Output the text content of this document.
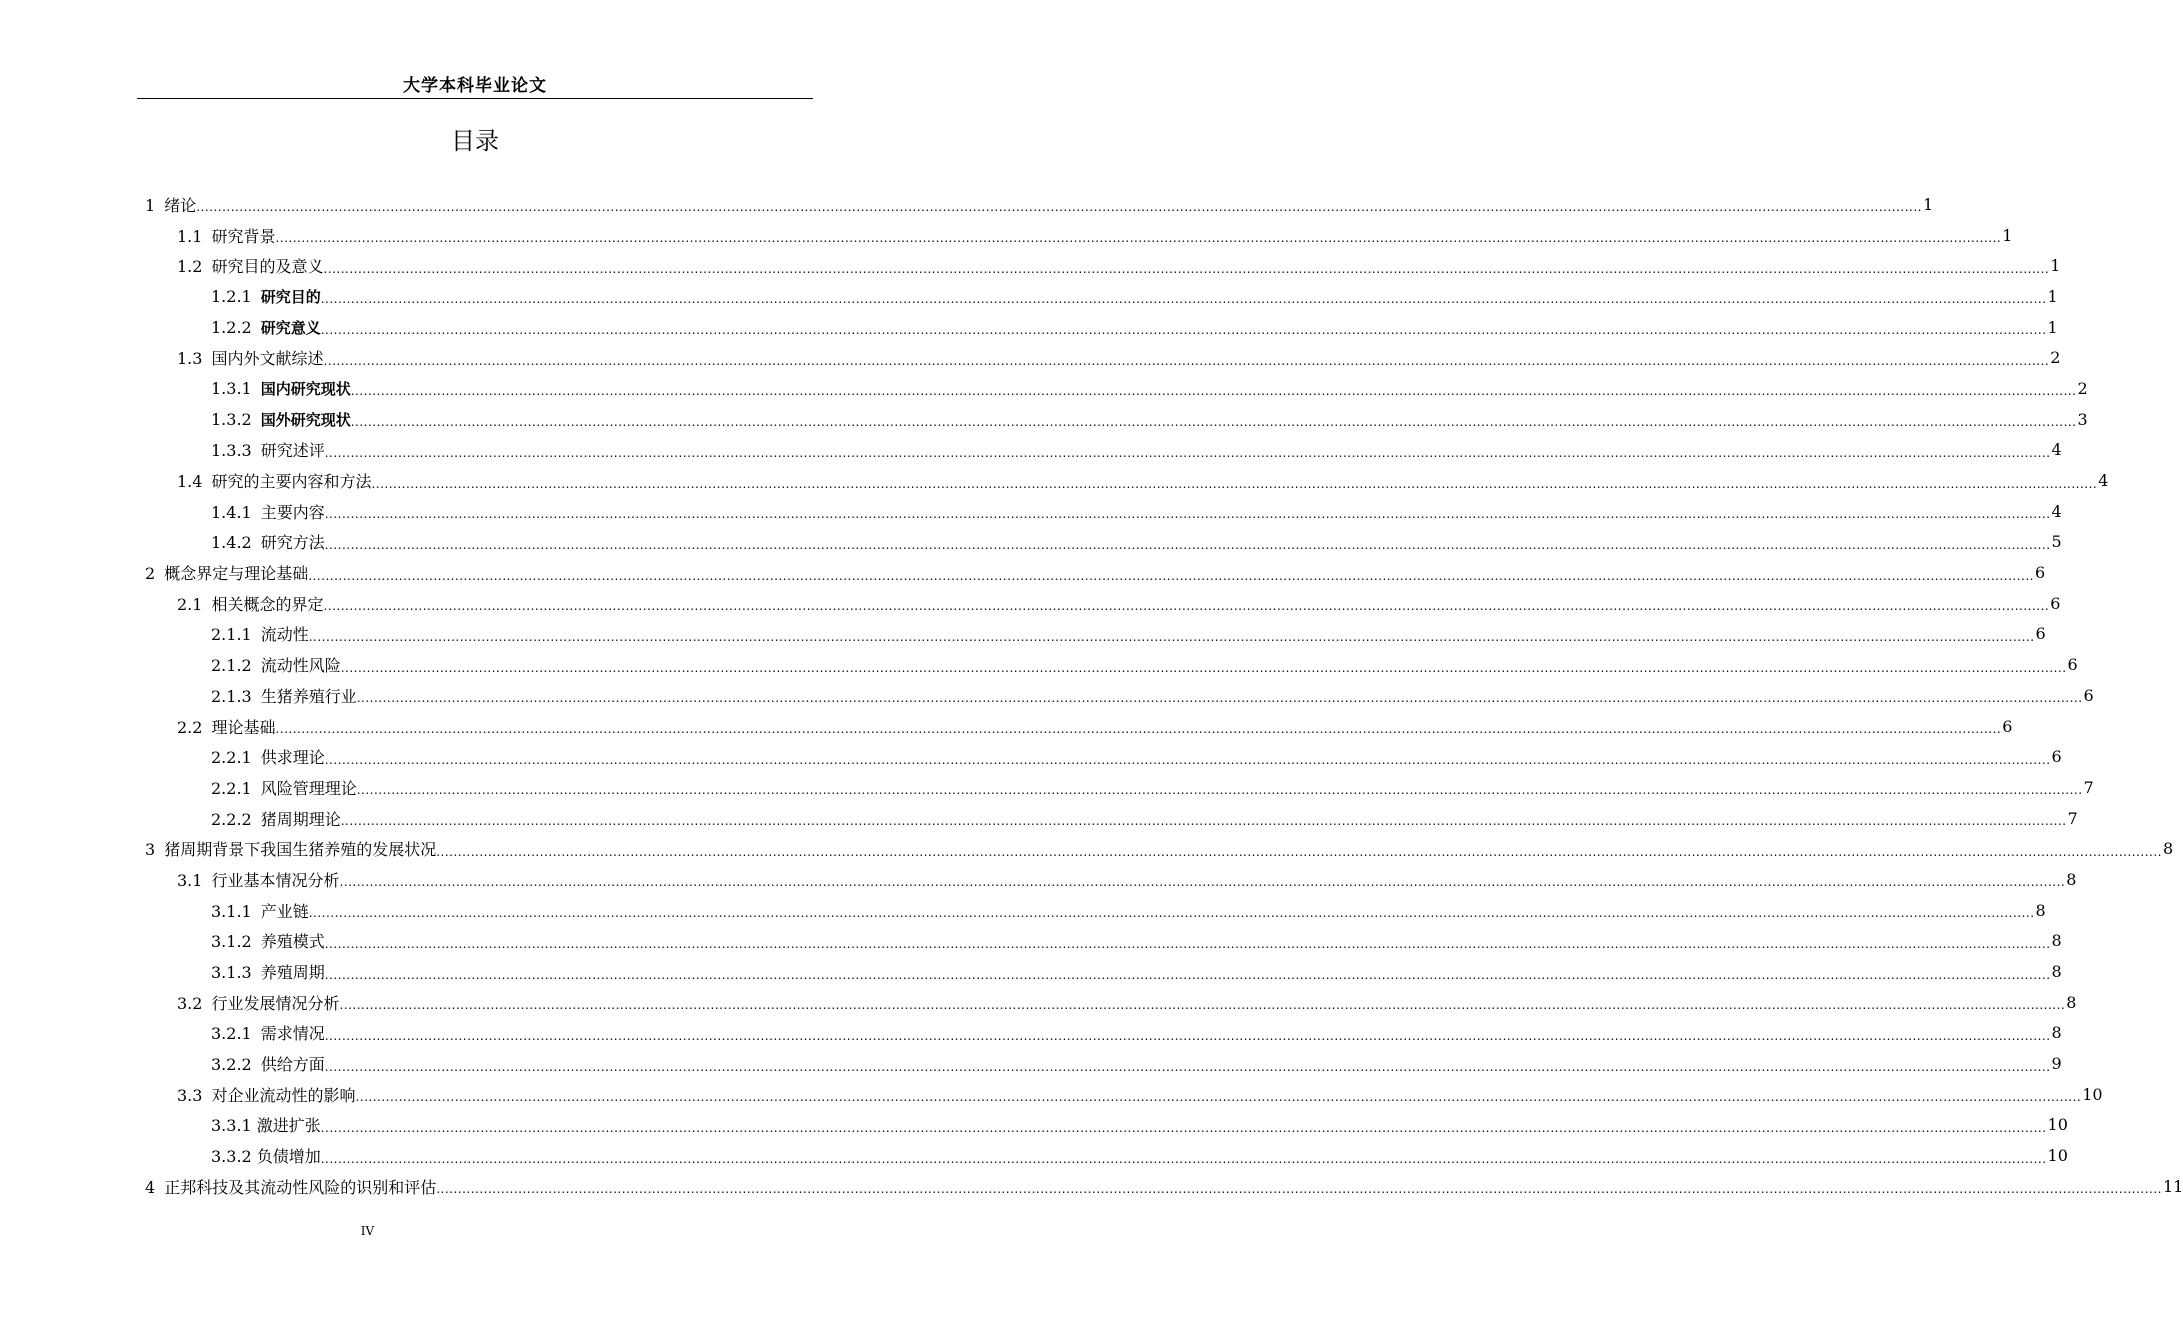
大学本科毕业论文
目录
1 绪论 ................................................................................................................................................................................................................................................................................................................................................................................................................ 1
1.1 研究背景 ................................................................................................................................................................................................................................................................................................................................................................................................................ 1
1.2 研究目的及意义 ................................................................................................................................................................................................................................................................................................................................................................................................................ 1
1.2.1 研究目的 ................................................................................................................................................................................................................................................................................................................................................................................................................ 1
1.2.2 研究意义 ................................................................................................................................................................................................................................................................................................................................................................................................................ 1
1.3 国内外文献综述 ................................................................................................................................................................................................................................................................................................................................................................................................................ 2
1.3.1 国内研究现状 ................................................................................................................................................................................................................................................................................................................................................................................................................ 2
1.3.2 国外研究现状 ................................................................................................................................................................................................................................................................................................................................................................................................................ 3
1.3.3 研究述评 ................................................................................................................................................................................................................................................................................................................................................................................................................ 4
1.4 研究的主要内容和方法 ................................................................................................................................................................................................................................................................................................................................................................................................................ 4
1.4.1 主要内容 ................................................................................................................................................................................................................................................................................................................................................................................................................ 4
1.4.2 研究方法 ................................................................................................................................................................................................................................................................................................................................................................................................................ 5
2 概念界定与理论基础 ................................................................................................................................................................................................................................................................................................................................................................................................................ 6
2.1 相关概念的界定 ................................................................................................................................................................................................................................................................................................................................................................................................................ 6
2.1.1 流动性 ................................................................................................................................................................................................................................................................................................................................................................................................................ 6
2.1.2 流动性风险 ................................................................................................................................................................................................................................................................................................................................................................................................................ 6
2.1.3 生猪养殖行业 ................................................................................................................................................................................................................................................................................................................................................................................................................ 6
2.2 理论基础 ................................................................................................................................................................................................................................................................................................................................................................................................................ 6
2.2.1 供求理论 ................................................................................................................................................................................................................................................................................................................................................................................................................ 6
2.2.1 风险管理理论 ................................................................................................................................................................................................................................................................................................................................................................................................................ 7
2.2.2 猪周期理论 ................................................................................................................................................................................................................................................................................................................................................................................................................ 7
3 猪周期背景下我国生猪养殖的发展状况 ................................................................................................................................................................................................................................................................................................................................................................................................................ 8
3.1 行业基本情况分析 ................................................................................................................................................................................................................................................................................................................................................................................................................ 8
3.1.1 产业链 ................................................................................................................................................................................................................................................................................................................................................................................................................ 8
3.1.2 养殖模式 ................................................................................................................................................................................................................................................................................................................................................................................................................ 8
3.1.3 养殖周期 ................................................................................................................................................................................................................................................................................................................................................................................................................ 8
3.2 行业发展情况分析 ................................................................................................................................................................................................................................................................................................................................................................................................................ 8
3.2.1 需求情况 ................................................................................................................................................................................................................................................................................................................................................................................................................ 8
3.2.2 供给方面 ................................................................................................................................................................................................................................................................................................................................................................................................................ 9
3.3 对企业流动性的影响 ................................................................................................................................................................................................................................................................................................................................................................................................................ 10
3.3.1 激进扩张 ................................................................................................................................................................................................................................................................................................................................................................................................................ 10
3.3.2 负债增加 ................................................................................................................................................................................................................................................................................................................................................................................................................ 10
4 正邦科技及其流动性风险的识别和评估 ................................................................................................................................................................................................................................................................................................................................................................................................................ 11
IV
